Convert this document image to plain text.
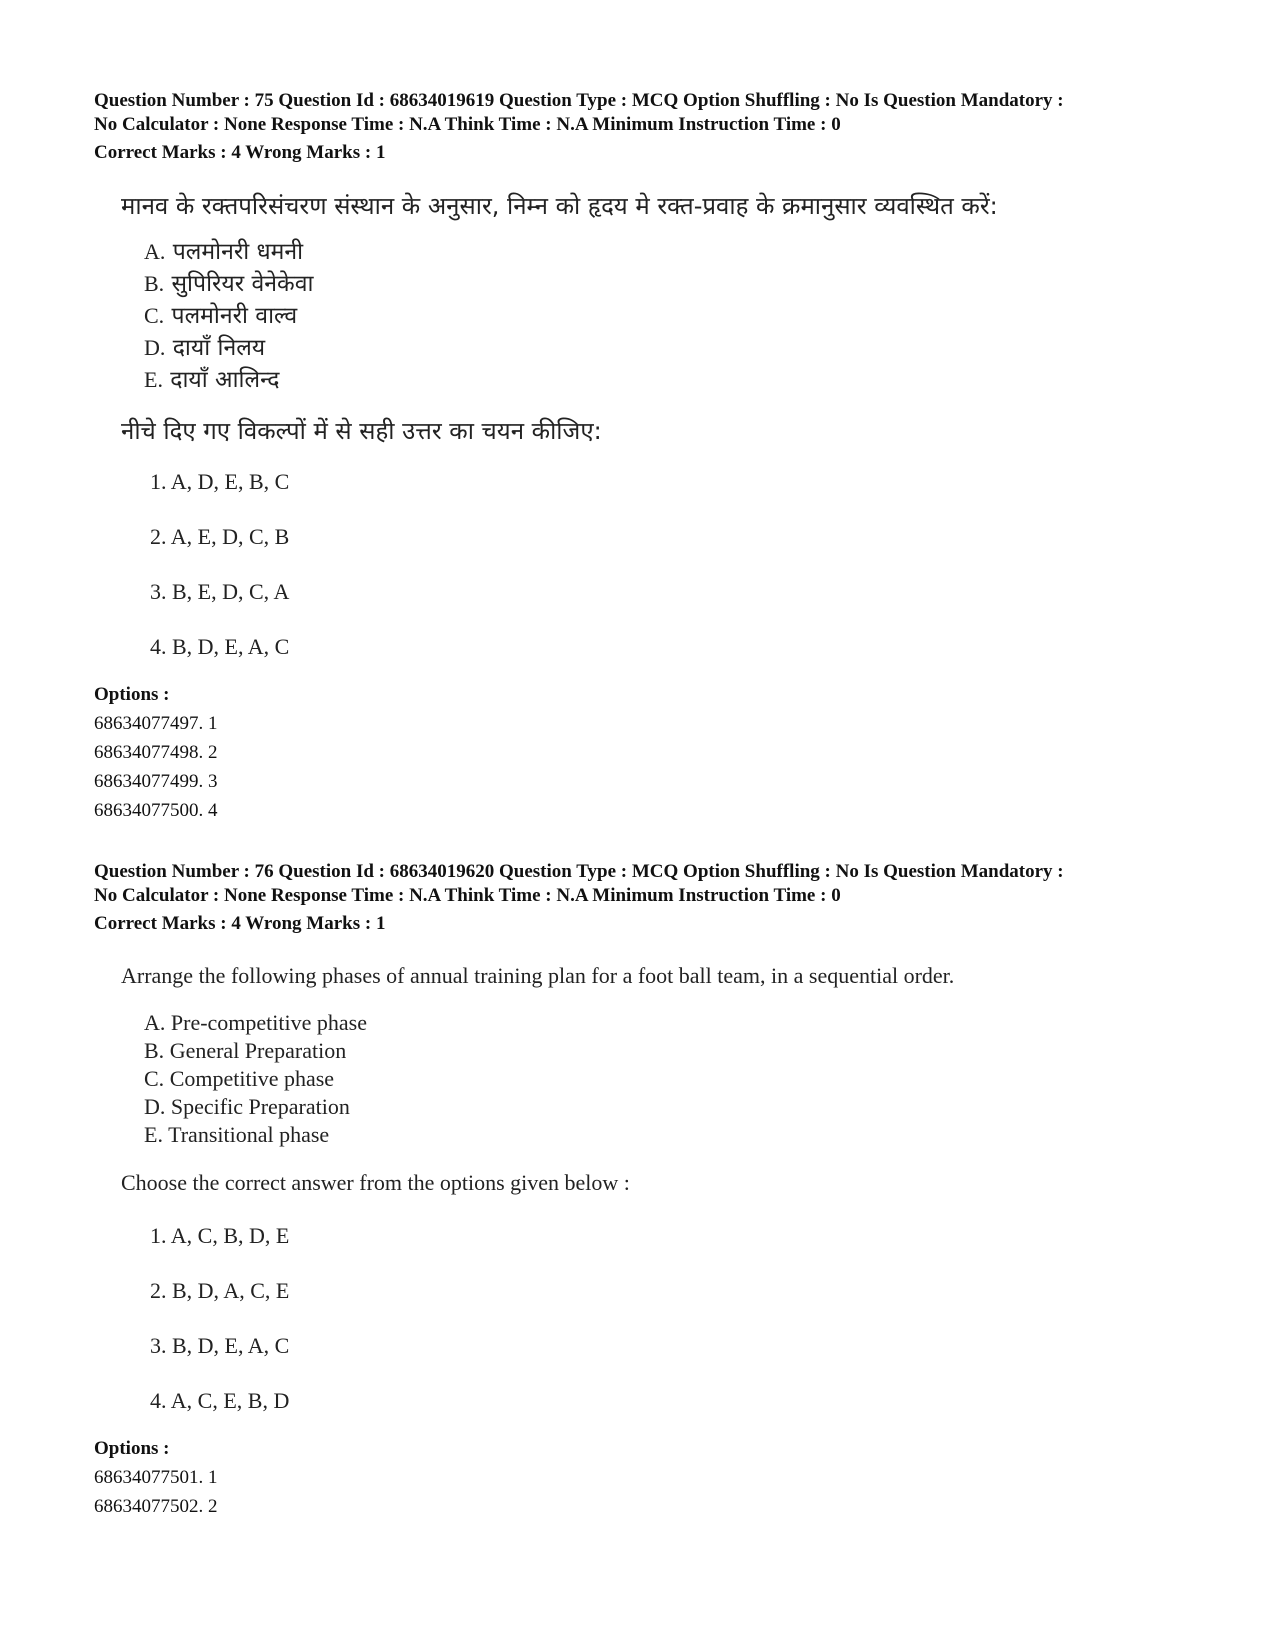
Question Number : 75 Question Id : 68634019619 Question Type : MCQ Option Shuffling : No Is Question Mandatory :

No Calculator : None Response Time : N.A Think Time : N.A Minimum Instruction Time : 0

Correct Marks : 4 Wrong Marks : 1

मानव के रक्तपरिसंचरण संस्थान के अनुसार, निम्न को हृदय मे रक्त-प्रवाह के क्रमानुसार व्यवस्थित करें:

A. पलमोनरी धमनी
B. सुपिरियर वेनेकेवा
C. पलमोनरी वाल्व
D. दायाँ निलय
E. दायाँ आलिन्द

नीचे दिए गए विकल्पों में से सही उत्तर का चयन कीजिए:

1. A, D, E, B, C
2. A, E, D, C, B
3. B, E, D, C, A
4. B, D, E, A, C

Options :

68634077497. 1
68634077498. 2
68634077499. 3
68634077500. 4

Question Number : 76 Question Id : 68634019620 Question Type : MCQ Option Shuffling : No Is Question Mandatory :

No Calculator : None Response Time : N.A Think Time : N.A Minimum Instruction Time : 0

Correct Marks : 4 Wrong Marks : 1

Arrange the following phases of annual training plan for a foot ball team, in a sequential order.

A. Pre-competitive phase
B. General Preparation
C. Competitive phase
D. Specific Preparation
E. Transitional phase

Choose the correct answer from the options given below :

1. A, C, B, D, E
2. B, D, A, C, E
3. B, D, E, A, C
4. A, C, E, B, D

Options :

68634077501. 1
68634077502. 2
